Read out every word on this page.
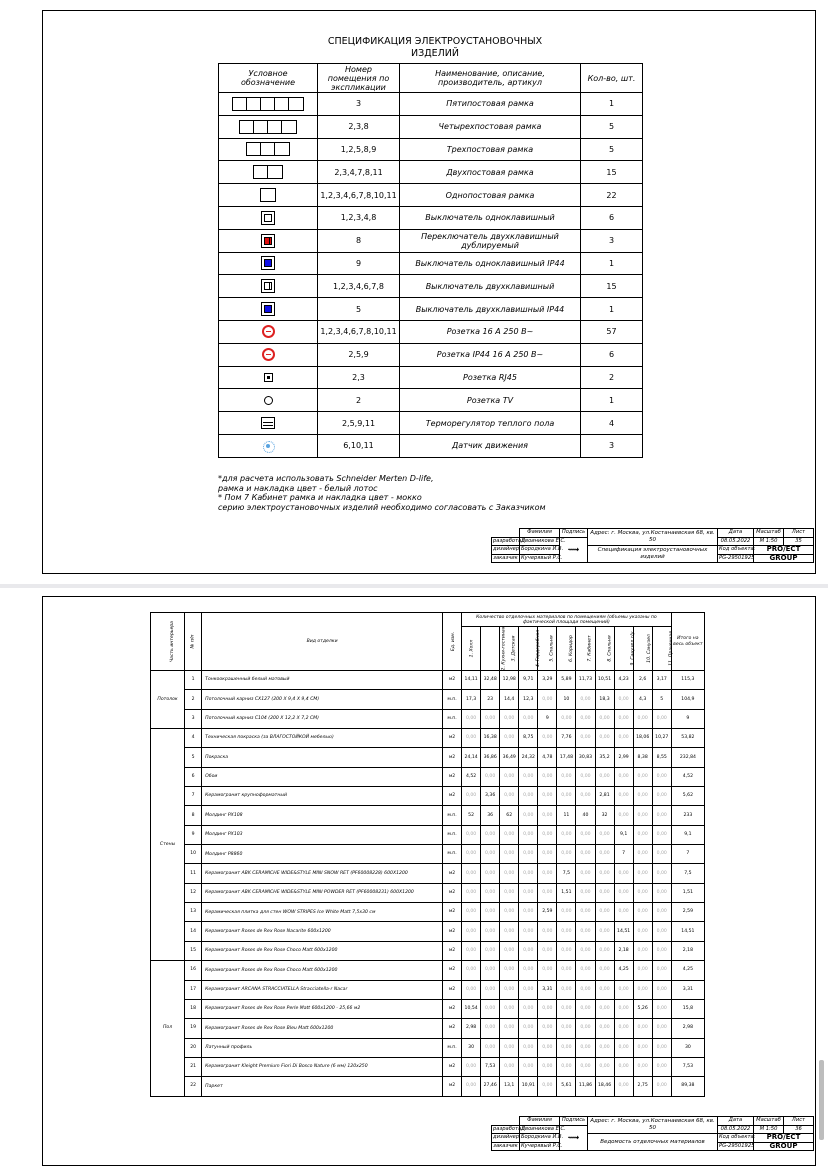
СПЕЦИФИКАЦИЯ ЭЛЕКТРОУСТАНОВОЧНЫХ
ИЗДЕЛИЙ
Условное обозначение	Номер помещения по экспликации	Наименование, описание, производитель, артикул	Кол-во, шт.

	3	Пятипостовая рамка	1

	2,3,8	Четырехпостовая рамка	5

	1,2,5,8,9	Трехпостовая рамка	5

	2,3,4,7,8,11	Двухпостовая рамка	15

	1,2,3,4,6,7,8,10,11	Однопостовая рамка	22

	1,2,3,4,8	Выключатель одноклавишный	6

	8	Переключатель двухклавишный дублируемый	3

	9	Выключатель одноклавишный IP44	1

	1,2,3,4,6,7,8	Выключатель двухклавишный	15

	5	Выключатель двухклавишный IP44	1
	1,2,3,4,6,7,8,10,11	Розетка 16 А 250 В~	57
	2,5,9	Розетка IP44 16 А 250 В~	6
	2,3	Розетка RJ45	2
	2	Розетка TV	1
	2,5,9,11	Терморегулятор теплого пола	4
	6,10,11	Датчик движения	3
*для расчета использовать Schneider Merten D-life,
рамка и накладка цвет - белый лотос
* Пом 7 Кабинет рамка и накладка цвет - мокко
серию электроустановочных изделий необходимо согласовать с Заказчиком
Часть интерьера	№ п/п	Вид отделки	Ед. изм.	Количество отделочных материалов по помещениям (объемы указаны по фактической площади помещений)											Итого на весь объект
				1. Холл	2. Кухня-гостиная	3. Детская	4. Гардеробная	5. Спальня	6. Коридор	7. Кабинет	8. Спальня	9. Санузел с/у	10. Санузел	11. Прачечная	
Потолок	1	Тонкоокрашенный белый матовый	м2	14,11	32,48	12,98	9,71	3,29	5,89	11,73	10,51	4,23	2,6	3,17	115,3
	2	Потолочный карниз CX127 (200 Х 9,4 Х 9,4 СМ)	м.п.	17,3	23	14,4	12,3	0,00	10	0,00	18,3	0,00	4,3	5	104,9
	3	Потолочный карниз C104 (200 Х 12,2 Х 7,2 СМ)	м.п.	0,00	0,00	0,00	0,00	9	0,00	0,00	0,00	0,00	0,00	0,00	9
Стены	4	Техническая покраска (за ВЛАГОСТОЙКОЙ мебелью)	м2	0,00	16,38	0,00	8,75	0,00	7,76	0,00	0,00	0,00	18,06	10,27	53,82
	5	Покраска	м2	24,14	36,86	36,49	24,32	4,78	17,48	30,83	35,2	2,99	8,38	8,55	232,84
	6	Обои	м2	4,52	0,00	0,00	0,00	0,00	0,00	0,00	0,00	0,00	0,00	0,00	4,52
	7	Керамогранит крупноформатный	м2	0,00	3,36	0,00	0,00	0,00	0,00	0,00	2,81	0,00	0,00	0,00	5,62
	8	Молдинг PX108	м.п.	52	36	62	0,00	0,00	11	40	32	0,00	0,00	0,00	233
	9	Молдинг PX103	м.п.	0,00	0,00	0,00	0,00	0,00	0,00	0,00	0,00	9,1	0,00	0,00	9,1
	10	Молдинг P8860	м.п.	0,00	0,00	0,00	0,00	0,00	0,00	0,00	0,00	7	0,00	0,00	7
	11	Керамогранит ABK CERAMICHE WIDE&STYLE MINI SNOW RET (PF60008228) 600Х1200	м2	0,00	0,00	0,00	0,00	0,00	7,5	0,00	0,00	0,00	0,00	0,00	7,5
	12	Керамогранит ABK CERAMICHE WIDE&STYLE MINI POWDER RET (PF60008231) 600Х1200	м2	0,00	0,00	0,00	0,00	0,00	1,51	0,00	0,00	0,00	0,00	0,00	1,51
	13	Керамическая плитка для стен WOW STRIPES Ice White Matt 7,5х30 см	м2	0,00	0,00	0,00	0,00	2,59	0,00	0,00	0,00	0,00	0,00	0,00	2,59
	14	Керамогранит Roses de Rex Rose Nacarite 600х1200	м2	0,00	0,00	0,00	0,00	0,00	0,00	0,00	0,00	14,51	0,00	0,00	14,51
	15	Керамогранит Roses de Rex Rose Choco Matt 600х1200	м2	0,00	0,00	0,00	0,00	0,00	0,00	0,00	0,00	2,18	0,00	0,00	2,18
Пол	16	Керамогранит Roses de Rex Rose Choco Matt 600х1200	м2	0,00	0,00	0,00	0,00	0,00	0,00	0,00	0,00	4,25	0,00	0,00	4,25
	17	Керамогранит ARCANA STRACCIATELLA Stracciatella-r Nacar	м2	0,00	0,00	0,00	0,00	3,31	0,00	0,00	0,00	0,00	0,00	0,00	3,31
	18	Керамогранит Roses de Rex Rose Perle Matt 600х1200 - 25,66 м2	м2	10,54	0,00	0,00	0,00	0,00	0,00	0,00	0,00	0,00	5,26	0,00	15,8
	19	Керамогранит Roses de Rex Rose Bleu Matt 600х1200	м2	2,98	0,00	0,00	0,00	0,00	0,00	0,00	0,00	0,00	0,00	0,00	2,98
	20	Латунный профиль	м.п.	30	0,00	0,00	0,00	0,00	0,00	0,00	0,00	0,00	0,00	0,00	30
	21	Керамогранит Kleight Premium Fiori Di Bosco Nature (6 мм) 120х250	м2	0,00	7,53	0,00	0,00	0,00	0,00	0,00	0,00	0,00	0,00	0,00	7,53
	22	Паркет	м2	0,00	27,46	13,1	10,91	0,00	5,61	11,86	18,46	0,00	2,75	0,00	89,38
	Фамилия	Подпись	Адрес: г. Москва, ул.Костанаевская 68, кв. 50	Дата	Масштаб	Лист
разработал	Двоиникова Е.С.	⟿		08.05.2022	М 1:50	35
дизайнер	Бородкина И.В.		Спецификация электроустановочных изделий	Код объекта:	PRO/ECT	
заказчик	Кучерявый Р.С.			PG-29501925	GROUP	
	Фамилия	Подпись	Адрес: г. Москва, ул.Костанаевская 68, кв. 50	Дата	Масштаб	Лист
разработал	Двоиникова Е.С.	⟿		08.05.2022	М 1:50	36
дизайнер	Бородкина И.В.		Ведомость отделочных материалов	Код объекта:	PRO/ECT	
заказчик	Кучерявый Р.С.			PG-29501925	GROUP	
